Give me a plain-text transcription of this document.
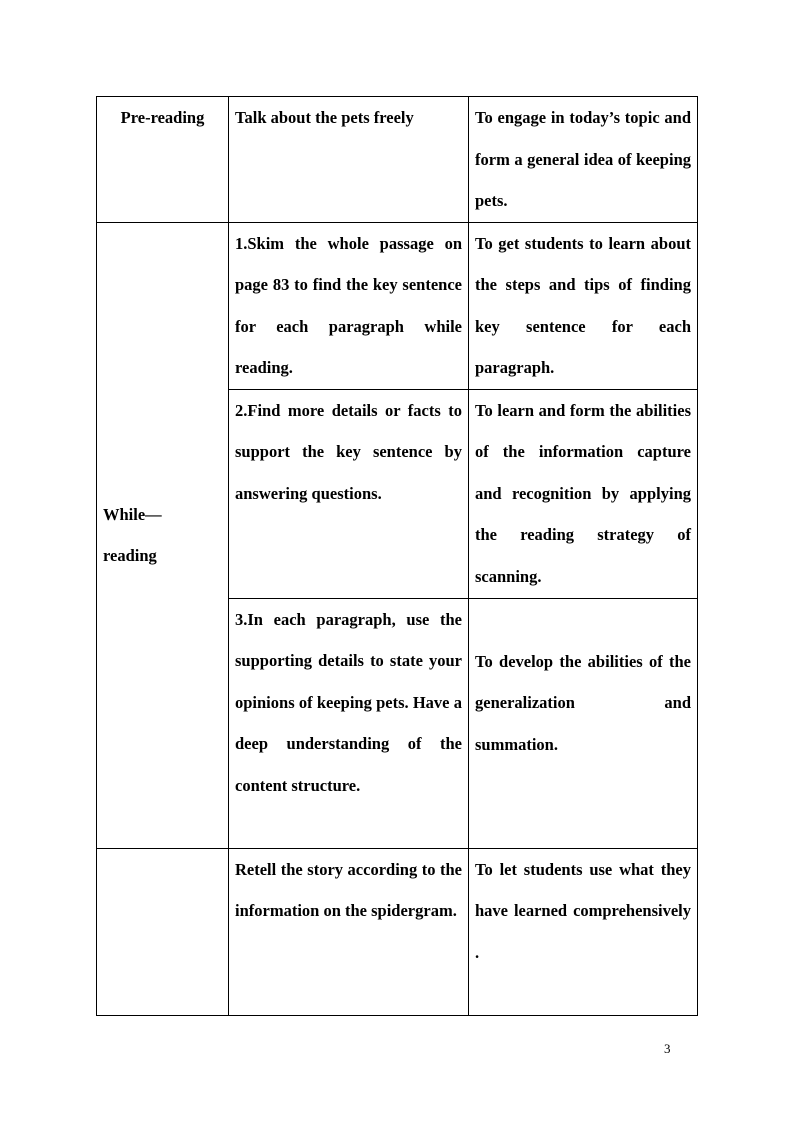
Pre-reading	Talk about the pets freely	To engage in today’s topic and form a general idea of keeping pets.

While—
reading	1.Skim the whole passage on page 83 to find the key sentence for each paragraph while reading.	To get students to learn about the steps and tips of finding key sentence for each paragraph.
	2.Find more details or facts to support the key sentence by answering questions.	To learn and form the abilities of the information capture and recognition by applying the reading strategy of scanning.
	3.In each paragraph, use the supporting details to state your opinions of keeping pets. Have a deep understanding of the content structure.	To develop the abilities of the generalization and summation.
	Retell the story according to the information on the spidergram.	To let students use what they have learned comprehensively .
3
